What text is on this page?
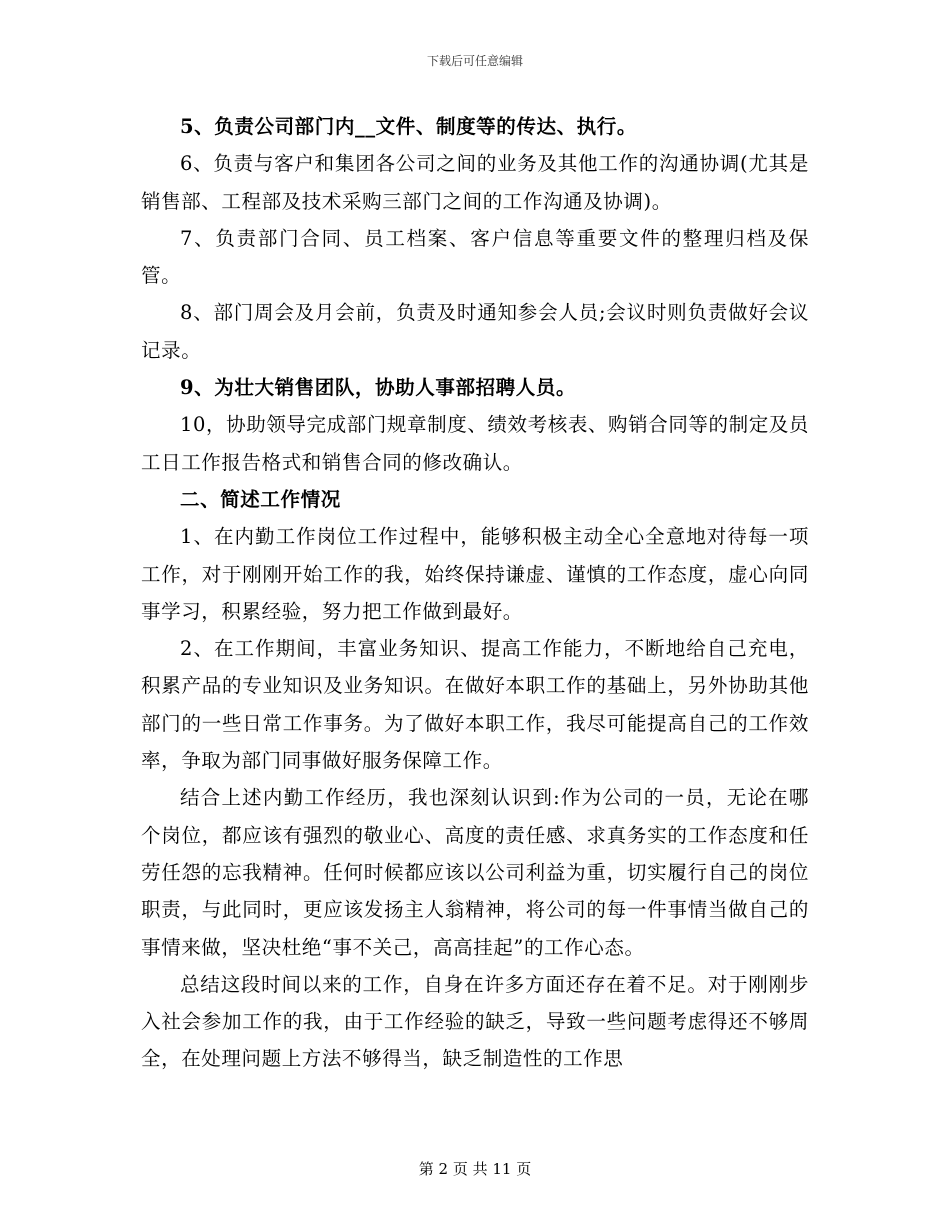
下载后可任意编辑

5、负责公司部门内__文件、制度等的传达、执行。

6、负责与客户和集团各公司之间的业务及其他工作的沟通协调(尤其是销售部、工程部及技术采购三部门之间的工作沟通及协调)。

7、负责部门合同、员工档案、客户信息等重要文件的整理归档及保管。

8、部门周会及月会前，负责及时通知参会人员;会议时则负责做好会议记录。

9、为壮大销售团队，协助人事部招聘人员。

10，协助领导完成部门规章制度、绩效考核表、购销合同等的制定及员工日工作报告格式和销售合同的修改确认。

二、简述工作情况

1、在内勤工作岗位工作过程中，能够积极主动全心全意地对待每一项工作，对于刚刚开始工作的我，始终保持谦虚、谨慎的工作态度，虚心向同事学习，积累经验，努力把工作做到最好。

2、在工作期间，丰富业务知识、提高工作能力，不断地给自己充电，积累产品的专业知识及业务知识。在做好本职工作的基础上，另外协助其他部门的一些日常工作事务。为了做好本职工作，我尽可能提高自己的工作效率，争取为部门同事做好服务保障工作。

结合上述内勤工作经历，我也深刻认识到:作为公司的一员，无论在哪个岗位，都应该有强烈的敬业心、高度的责任感、求真务实的工作态度和任劳任怨的忘我精神。任何时候都应该以公司利益为重，切实履行自己的岗位职责，与此同时，更应该发扬主人翁精神，将公司的每一件事情当做自己的事情来做，坚决杜绝“事不关己，高高挂起”的工作心态。

总结这段时间以来的工作，自身在许多方面还存在着不足。对于刚刚步入社会参加工作的我，由于工作经验的缺乏，导致一些问题考虑得还不够周全，在处理问题上方法不够得当，缺乏制造性的工作思

第 2 页 共 11 页
